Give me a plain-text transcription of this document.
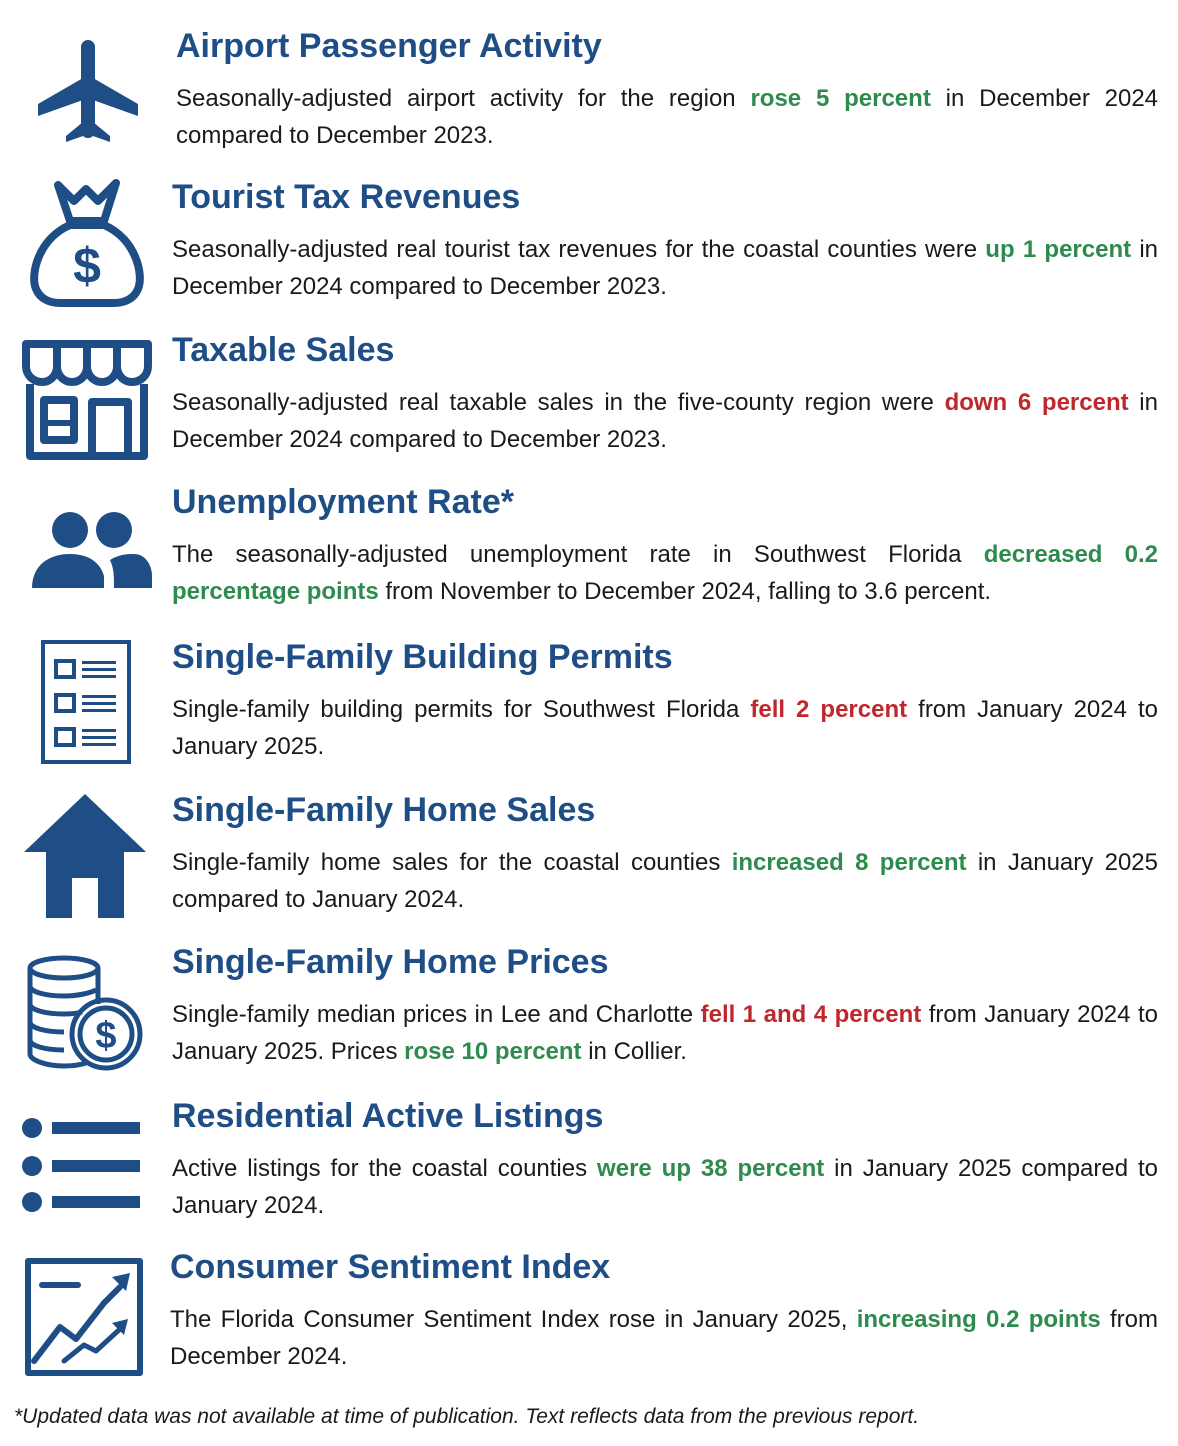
Airport Passenger Activity

Seasonally-adjusted airport activity for the region rose 5 percent in December 2024 compared to December 2023.

$
Tourist Tax Revenues

Seasonally-adjusted real tourist tax revenues for the coastal counties were up 1 percent in December 2024 compared to December 2023.

Taxable Sales

Seasonally-adjusted real taxable sales in the five-county region were down 6 percent in December 2024 compared to December 2023.

Unemployment Rate*

The seasonally-adjusted unemployment rate in Southwest Florida decreased 0.2 percentage points from November to December 2024, falling to 3.6 percent.

Single-Family Building Permits

Single-family building permits for Southwest Florida fell 2 percent from January 2024 to January 2025.

Single-Family Home Sales

Single-family home sales for the coastal counties increased 8 percent in January 2025 compared to January 2024.

$
Single-Family Home Prices

Single-family median prices in Lee and Charlotte fell 1 and 4 percent from January 2024 to January 2025. Prices rose 10 percent in Collier.

Residential Active Listings

Active listings for the coastal counties were up 38 percent in January 2025 compared to January 2024.

Consumer Sentiment Index

The Florida Consumer Sentiment Index rose in January 2025, increasing 0.2 points from December 2024.

*Updated data was not available at time of publication. Text reflects data from the previous report.
